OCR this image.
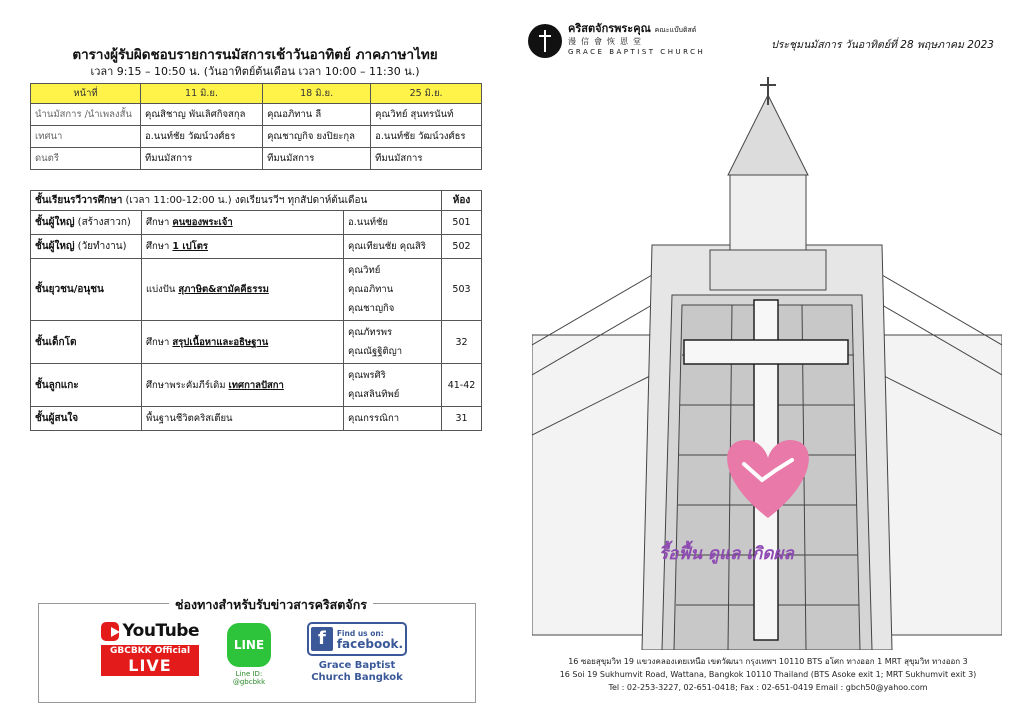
ตารางผู้รับผิดชอบรายการนมัสการเช้าวันอาทิตย์ ภาคภาษาไทย
เวลา 9:15 – 10:50 น. (วันอาทิตย์ต้นเดือน เวลา 10:00 – 11:30 น.)
หน้าที่	11 มิ.ย.	18 มิ.ย.	25 มิ.ย.
นำนมัสการ /นำเพลงสั้น	คุณสิชาญ พันเลิศกิจสกุล	คุณอภิทาน ลี	คุณวิทย์ สุนทรนันท์
เทศนา	อ.นนท์ชัย วัฒน์วงศ์ธร	คุณชาญกิจ ยงปิยะกุล	อ.นนท์ชัย วัฒน์วงศ์ธร
ดนตรี	ทีมนมัสการ	ทีมนมัสการ	ทีมนมัสการ
ชั้นเรียนรวีวารศึกษา (เวลา 11:00-12:00 น.) งดเรียนรวีฯ ทุกสัปดาห์ต้นเดือน			ห้อง
ชั้นผู้ใหญ่ (สร้างสาวก)	ศึกษา คนของพระเจ้า	อ.นนท์ชัย	501
ชั้นผู้ใหญ่ (วัยทำงาน)	ศึกษา 1 เปโตร	คุณเทียนชัย คุณสิริ	502
ชั้นยุวชน/อนุชน	แบ่งปัน สุภาษิต&สามัคคีธรรม	คุณวิทย์
คุณอภิทาน
คุณชาญกิจ	503
ชั้นเด็กโต	ศึกษา สรุปเนื้อหาและอธิษฐาน	คุณภัทรพร
คุณณัฐฐิติญา	32
ชั้นลูกแกะ	ศึกษาพระคัมภีร์เดิม เทศกาลปัสกา	คุณพรศิริ
คุณสลินทิพย์	41-42
ชั้นผู้สนใจ	พื้นฐานชีวิตคริสเตียน	คุณกรรณิกา	31
ช่องทางสำหรับรับข่าวสารคริสตจักร
YouTube
GBCBKK Official
LIVE
LINE
Line ID:
@gbcbkk
f	Find us on:
facebook.
Grace Baptist
Church Bangkok
คริสตจักรพระคุณ คณะแบ๊บติสต์
漫信會恢恩堂
GRACE BAPTIST CHURCH
ประชุมนมัสการ วันอาทิตย์ที่ 28 พฤษภาคม 2023
รื้อฟื้น ดูแล เกิดผล
16 ซอยสุขุมวิท 19 แขวงคลองเตยเหนือ เขตวัฒนา กรุงเทพฯ 10110 BTS อโศก ทางออก 1 MRT สุขุมวิท ทางออก 3
16 Soi 19 Sukhumvit Road, Wattana, Bangkok 10110 Thailand (BTS Asoke exit 1; MRT Sukhumvit exit 3)
Tel : 02-253-3227, 02-651-0418; Fax : 02-651-0419 Email : gbch50@yahoo.com
